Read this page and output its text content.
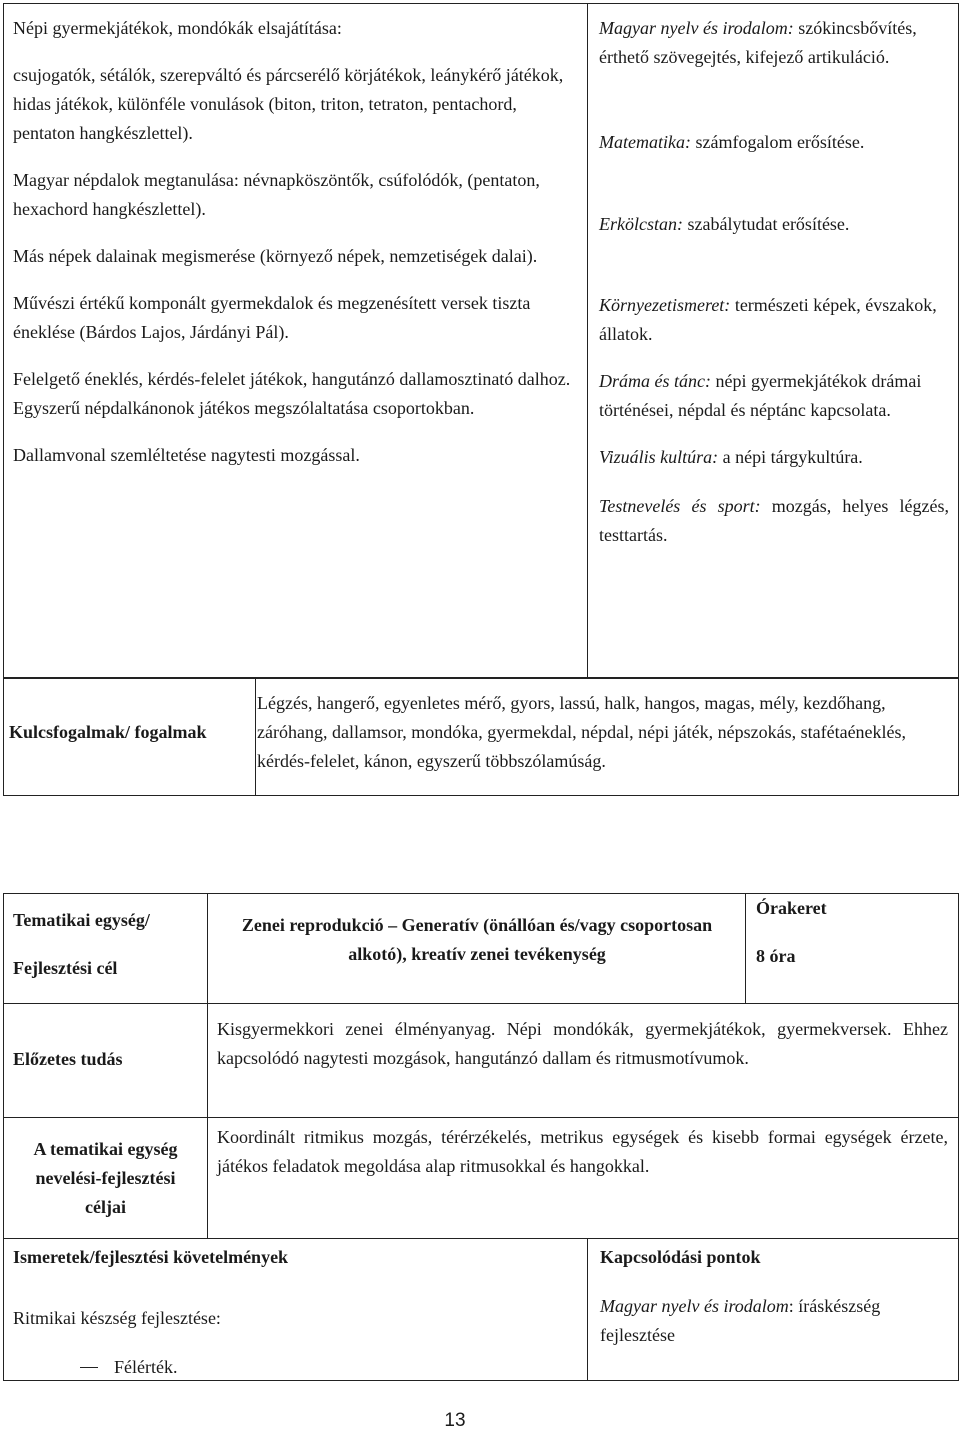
Népi gyermekjátékok, mondókák elsajátítása:

csujogatók, sétálók, szerepváltó és párcserélő körjátékok, leánykérő játékok, hidas játékok, különféle vonulások (biton, triton, tetraton, pentachord, pentaton hangkészlettel).

Magyar népdalok megtanulása: névnapköszöntők, csúfolódók, (pentaton, hexachord hangkészlettel).

Más népek dalainak megismerése (környező népek, nemzetiségek dalai).

Művészi értékű komponált gyermekdalok és megzenésített versek tiszta éneklése (Bárdos Lajos, Járdányi Pál).

Felelgető éneklés, kérdés-felelet játékok, hangutánzó dallamosztinató dalhoz. Egyszerű népdalkánonok játékos megszólaltatása csoportokban.

Dallamvonal szemléltetése nagytesti mozgással.

Magyar nyelv és irodalom: szókincsbővítés, érthető szövegejtés, kifejező artikuláció.

Matematika: számfogalom erősítése.

Erkölcstan: szabálytudat erősítése.

Környezetismeret: természeti képek, évszakok, állatok.

Dráma és tánc: népi gyermekjátékok drámai történései, népdal és néptánc kapcsolata.

Vizuális kultúra: a népi tárgykultúra.

Testnevelés és sport: mozgás, helyes légzés, testtartás.

Kulcsfogalmak/ fogalmak
Légzés, hangerő, egyenletes mérő, gyors, lassú, halk, hangos, magas, mély, kezdőhang, záróhang, dallamsor, mondóka, gyermekdal, népdal, népi játék, népszokás, stafétaéneklés, kérdés-felelet, kánon, egyszerű többszólamúság.

Tematikai egység/

Fejlesztési cél

Zenei reprodukció – Generatív (önállóan és/vagy csoportosan alkotó), kreatív zenei tevékenység

Órakeret

8 óra

Előzetes tudás
Kisgyermekkori zenei élményanyag. Népi mondókák, gyermekjátékok, gyermekversek. Ehhez kapcsolódó nagytesti mozgások, hangutánzó dallam és ritmusmotívumok.
A tematikai egység nevelési-fejlesztési céljai
Koordinált ritmikus mozgás, térérzékelés, metrikus egységek és kisebb formai egységek érzete, játékos feladatok megoldása alap ritmusokkal és hangokkal.
Ismeretek/fejlesztési követelmények	Kapcsolódási pontok

Ritmikai készség fejlesztése:

Félérték.
Magyar nyelv és irodalom: íráskészség fejlesztése
13
